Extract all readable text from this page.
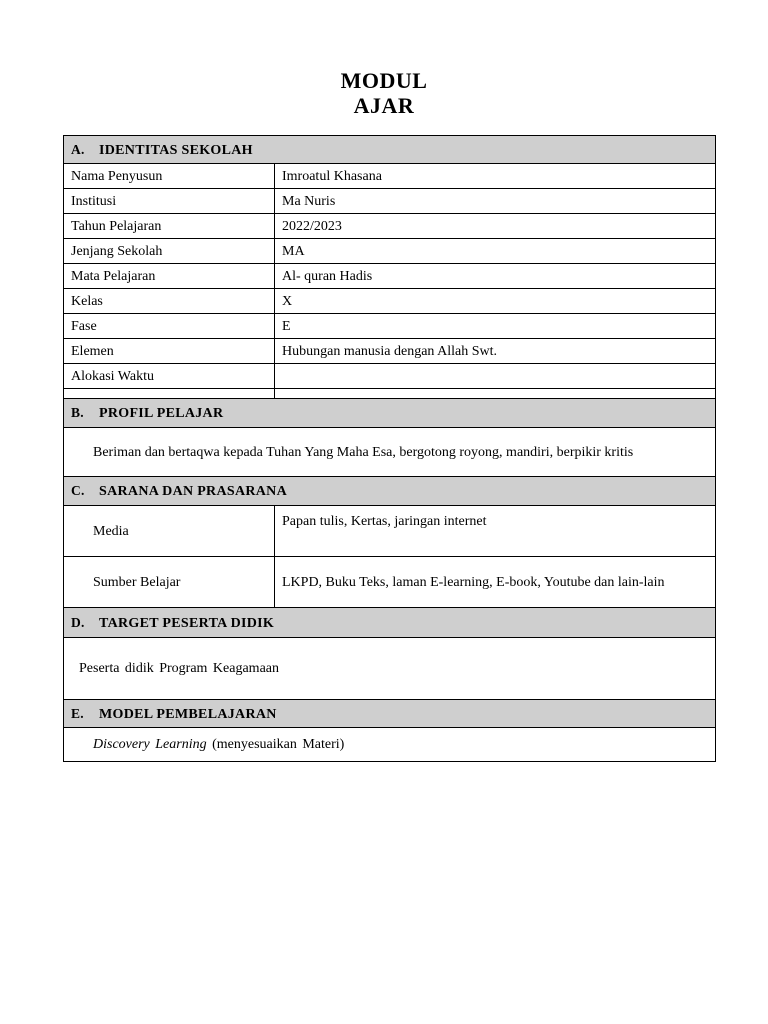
MODUL
AJAR
A. IDENTITAS SEKOLAH	
Nama Penyusun	Imroatul Khasana
Institusi	Ma Nuris
Tahun Pelajaran	2022/2023
Jenjang Sekolah	MA
Mata Pelajaran	Al- quran Hadis
Kelas	X
Fase	E
Elemen	Hubungan manusia dengan Allah Swt.
Alokasi Waktu	

B. PROFIL PELAJAR	
Beriman dan bertaqwa kepada Tuhan Yang Maha Esa, bergotong royong, mandiri, berpikir kritis	
C. SARANA DAN PRASARANA	
Media	Papan tulis, Kertas, jaringan internet
Sumber Belajar	LKPD, Buku Teks, laman E-learning, E-book, Youtube dan lain-lain
D. TARGET PESERTA DIDIK	
Peserta didik Program Keagamaan	
E. MODEL PEMBELAJARAN	
Discovery Learning (menyesuaikan Materi)	
